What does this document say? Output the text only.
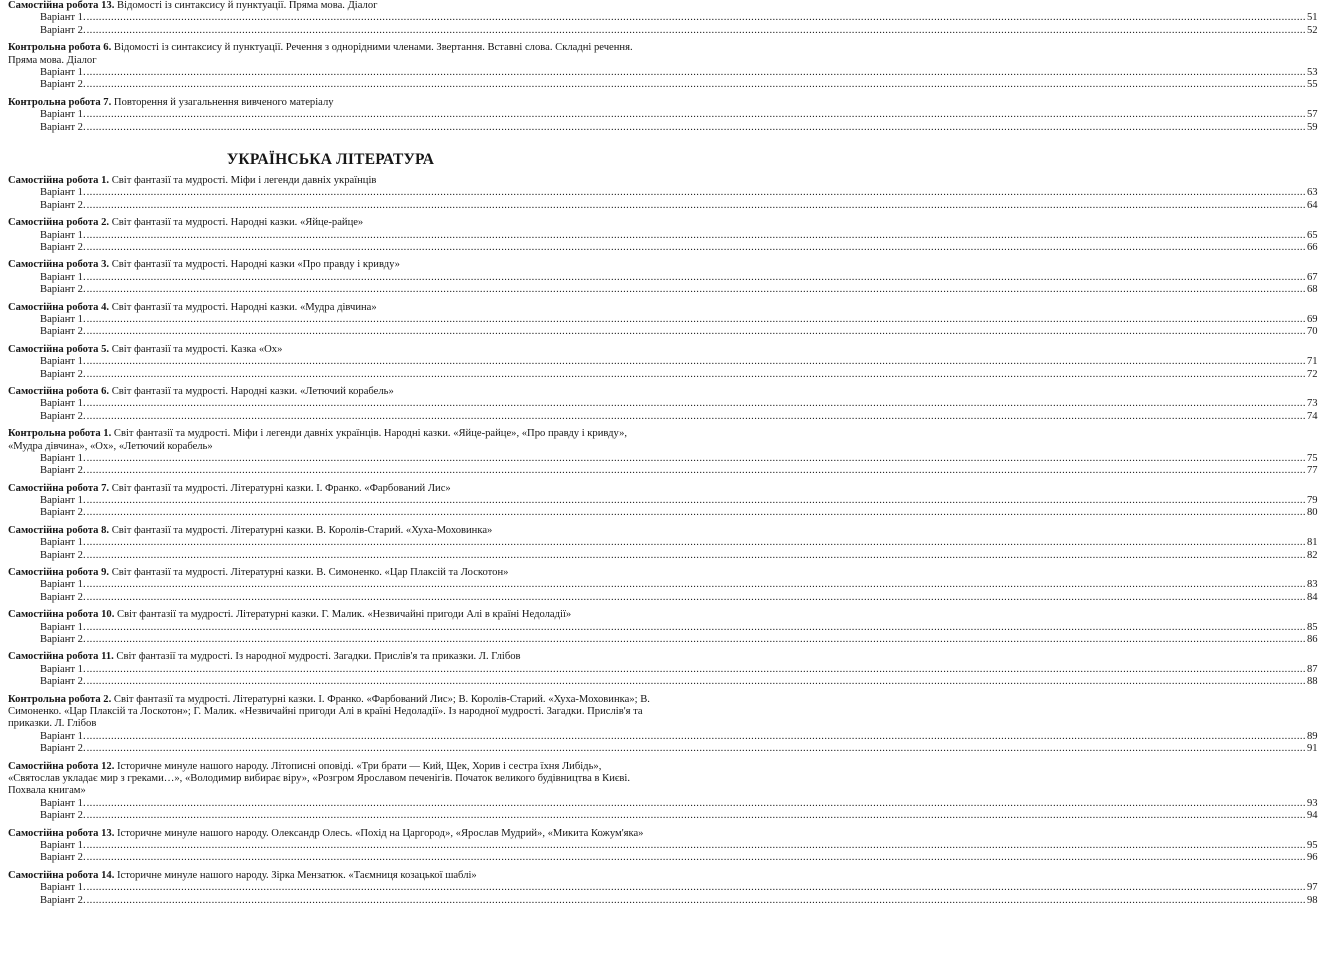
Самостійна робота 13. Відомості із синтаксису й пунктуації. Пряма мова. Діалог
Варіант 1. ................................................................................................................................................................................................................................................................................................................................................................................................................ 51
Варіант 2. ................................................................................................................................................................................................................................................................................................................................................................................................................ 52
Контрольна робота 6. Відомості із синтаксису й пунктуації. Речення з однорідними членами. Звертання. Вставні слова. Складні речення. Пряма мова. Діалог
Варіант 1. ................................................................................................................................................................................................................................................................................................................................................................................................................ 53
Варіант 2. ................................................................................................................................................................................................................................................................................................................................................................................................................ 55
Контрольна робота 7. Повторення й узагальнення вивченого матеріалу
Варіант 1. ................................................................................................................................................................................................................................................................................................................................................................................................................ 57
Варіант 2. ................................................................................................................................................................................................................................................................................................................................................................................................................ 59
УКРАЇНСЬКА ЛІТЕРАТУРА
Самостійна робота 1. Світ фантазії та мудрості. Міфи і легенди давніх українців
Варіант 1. ................................................................................................................................................................................................................................................................................................................................................................................................................ 63
Варіант 2. ................................................................................................................................................................................................................................................................................................................................................................................................................ 64
Самостійна робота 2. Світ фантазії та мудрості. Народні казки. «Яйце-райце»
Варіант 1. ................................................................................................................................................................................................................................................................................................................................................................................................................ 65
Варіант 2. ................................................................................................................................................................................................................................................................................................................................................................................................................ 66
Самостійна робота 3. Світ фантазії та мудрості. Народні казки «Про правду і кривду»
Варіант 1. ................................................................................................................................................................................................................................................................................................................................................................................................................ 67
Варіант 2. ................................................................................................................................................................................................................................................................................................................................................................................................................ 68
Самостійна робота 4. Світ фантазії та мудрості. Народні казки. «Мудра дівчина»
Варіант 1. ................................................................................................................................................................................................................................................................................................................................................................................................................ 69
Варіант 2. ................................................................................................................................................................................................................................................................................................................................................................................................................ 70
Самостійна робота 5. Світ фантазії та мудрості. Казка «Ох»
Варіант 1. ................................................................................................................................................................................................................................................................................................................................................................................................................ 71
Варіант 2. ................................................................................................................................................................................................................................................................................................................................................................................................................ 72
Самостійна робота 6. Світ фантазії та мудрості. Народні казки. «Летючий корабель»
Варіант 1. ................................................................................................................................................................................................................................................................................................................................................................................................................ 73
Варіант 2. ................................................................................................................................................................................................................................................................................................................................................................................................................ 74
Контрольна робота 1. Світ фантазії та мудрості. Міфи і легенди давніх українців. Народні казки. «Яйце-райце», «Про правду і кривду», «Мудра дівчина», «Ох», «Летючий корабель»
Варіант 1. ................................................................................................................................................................................................................................................................................................................................................................................................................ 75
Варіант 2. ................................................................................................................................................................................................................................................................................................................................................................................................................ 77
Самостійна робота 7. Світ фантазії та мудрості. Літературні казки. І. Франко. «Фарбований Лис»
Варіант 1. ................................................................................................................................................................................................................................................................................................................................................................................................................ 79
Варіант 2. ................................................................................................................................................................................................................................................................................................................................................................................................................ 80
Самостійна робота 8. Світ фантазії та мудрості. Літературні казки. В. Королів-Старий. «Хуха-Моховинка»
Варіант 1. ................................................................................................................................................................................................................................................................................................................................................................................................................ 81
Варіант 2. ................................................................................................................................................................................................................................................................................................................................................................................................................ 82
Самостійна робота 9. Світ фантазії та мудрості. Літературні казки. В. Симоненко. «Цар Плаксій та Лоскотон»
Варіант 1. ................................................................................................................................................................................................................................................................................................................................................................................................................ 83
Варіант 2. ................................................................................................................................................................................................................................................................................................................................................................................................................ 84
Самостійна робота 10. Світ фантазії та мудрості. Літературні казки. Г. Малик. «Незвичайні пригоди Алі в країні Недоладії»
Варіант 1. ................................................................................................................................................................................................................................................................................................................................................................................................................ 85
Варіант 2. ................................................................................................................................................................................................................................................................................................................................................................................................................ 86
Самостійна робота 11. Світ фантазії та мудрості. Із народної мудрості. Загадки. Прислів'я та приказки. Л. Глібов
Варіант 1. ................................................................................................................................................................................................................................................................................................................................................................................................................ 87
Варіант 2. ................................................................................................................................................................................................................................................................................................................................................................................................................ 88
Контрольна робота 2. Світ фантазії та мудрості. Літературні казки. І. Франко. «Фарбований Лис»; В. Королів-Старий. «Хуха-Моховинка»; В. Симоненко. «Цар Плаксій та Лоскотон»; Г. Малик. «Незвичайні пригоди Алі в країні Недоладії». Із народної мудрості. Загадки. Прислів'я та приказки. Л. Глібов
Варіант 1. ................................................................................................................................................................................................................................................................................................................................................................................................................ 89
Варіант 2. ................................................................................................................................................................................................................................................................................................................................................................................................................ 91
Самостійна робота 12. Історичне минуле нашого народу. Літописні оповіді. «Три брати — Кий, Щек, Хорив і сестра їхня Либідь», «Святослав укладає мир з греками…», «Володимир вибирає віру», «Розгром Ярославом печенігів. Початок великого будівництва в Києві. Похвала книгам»
Варіант 1. ................................................................................................................................................................................................................................................................................................................................................................................................................ 93
Варіант 2. ................................................................................................................................................................................................................................................................................................................................................................................................................ 94
Самостійна робота 13. Історичне минуле нашого народу. Олександр Олесь. «Похід на Царгород», «Ярослав Мудрий», «Микита Кожум'яка»
Варіант 1. ................................................................................................................................................................................................................................................................................................................................................................................................................ 95
Варіант 2. ................................................................................................................................................................................................................................................................................................................................................................................................................ 96
Самостійна робота 14. Історичне минуле нашого народу. Зірка Мензатюк. «Таємниця козацької шаблі»
Варіант 1. ................................................................................................................................................................................................................................................................................................................................................................................................................ 97
Варіант 2. ................................................................................................................................................................................................................................................................................................................................................................................................................ 98
